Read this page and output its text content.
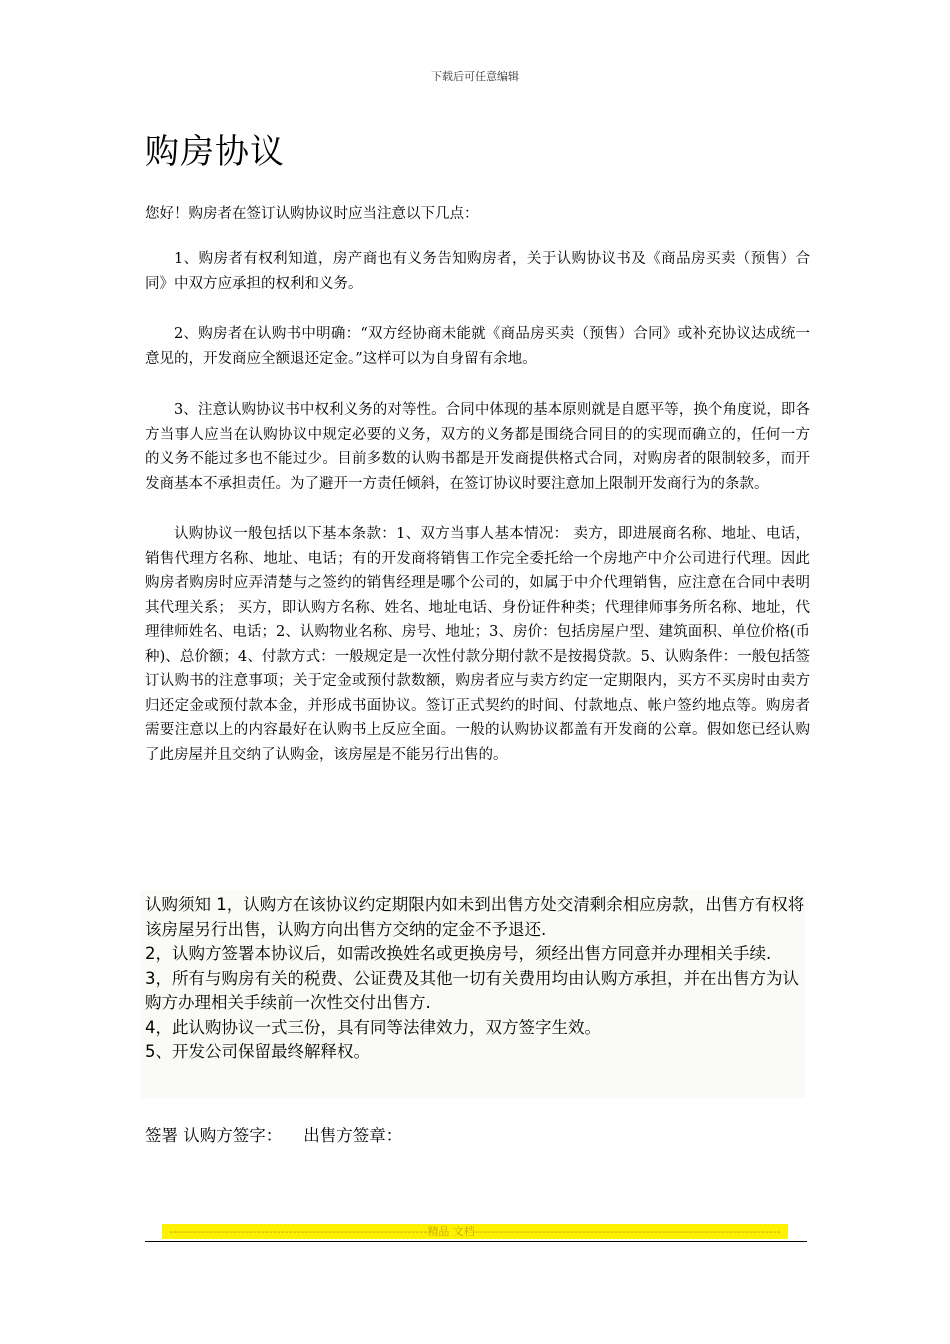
下载后可任意编辑
购房协议
您好！购房者在签订认购协议时应当注意以下几点：

1、购房者有权利知道，房产商也有义务告知购房者，关于认购协议书及《商品房买卖（预售）合同》中双方应承担的权利和义务。

2、购房者在认购书中明确：“双方经协商未能就《商品房买卖（预售）合同》或补充协议达成统一意见的，开发商应全额退还定金。”这样可以为自身留有余地。

3、注意认购协议书中权利义务的对等性。合同中体现的基本原则就是自愿平等，换个角度说，即各方当事人应当在认购协议中规定必要的义务，双方的义务都是围绕合同目的的实现而确立的，任何一方的义务不能过多也不能过少。目前多数的认购书都是开发商提供格式合同，对购房者的限制较多，而开发商基本不承担责任。为了避开一方责任倾斜，在签订协议时要注意加上限制开发商行为的条款。

认购协议一般包括以下基本条款：1、双方当事人基本情况： 卖方，即进展商名称、地址、电话，销售代理方名称、地址、电话；有的开发商将销售工作完全委托给一个房地产中介公司进行代理。因此购房者购房时应弄清楚与之签约的销售经理是哪个公司的，如属于中介代理销售，应注意在合同中表明其代理关系； 买方，即认购方名称、姓名、地址电话、身份证件种类；代理律师事务所名称、地址，代理律师姓名、电话；2、认购物业名称、房号、地址；3、房价：包括房屋户型、建筑面积、单位价格(币种)、总价额；4、付款方式：一般规定是一次性付款分期付款不是按揭贷款。5、认购条件：一般包括签订认购书的注意事项；关于定金或预付款数额，购房者应与卖方约定一定期限内，买方不买房时由卖方归还定金或预付款本金，并形成书面协议。签订正式契约的时间、付款地点、帐户签约地点等。购房者需要注意以上的内容最好在认购书上反应全面。一般的认购协议都盖有开发商的公章。假如您已经认购了此房屋并且交纳了认购金，该房屋是不能另行出售的。

认购须知 1，认购方在该协议约定期限内如未到出售方处交清剩余相应房款，出售方有权将该房屋另行出售，认购方向出售方交纳的定金不予退还.

2，认购方签署本协议后，如需改换姓名或更换房号，须经出售方同意并办理相关手续.

3，所有与购房有关的税费、公证费及其他一切有关费用均由认购方承担，并在出售方为认购方办理相关手续前一次性交付出售方.

4，此认购协议一式三份，具有同等法律效力，双方签字生效。

5、开发公司保留最终解释权。

签署 认购方签字：    出售方签章：
-----------------------------------------------------------------精品 文档-----------------------------------------------------------------------------
